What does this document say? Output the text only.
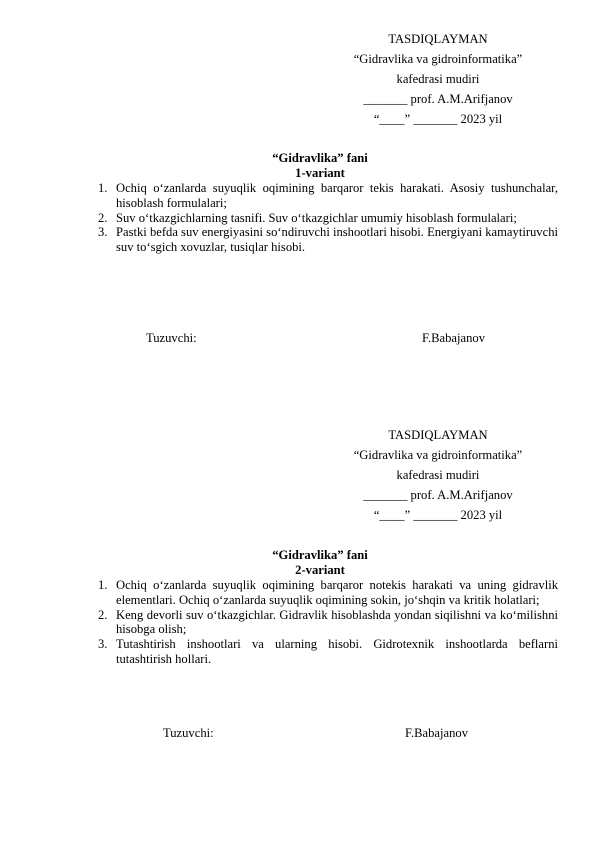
TASDIQLAYMAN
“Gidravlika va gidroinformatika”
kafedrasi mudiri
_______ prof. A.M.Arifjanov
“____” _______ 2023 yil
“Gidravlika” fani
1-variant
1. Ochiq o‘zanlarda suyuqlik oqimining barqaror tekis harakati. Asosiy tushunchalar, hisoblash formulalari;
2. Suv o‘tkazgichlarning tasnifi. Suv o‘tkazgichlar umumiy hisoblash formulalari;
3. Pastki befda suv energiyasini so‘ndiruvchi inshootlari hisobi. Energiyani kamaytiruvchi suv to‘sgich xovuzlar, tusiqlar hisobi.
Tuzuvchi:	F.Babajanov
TASDIQLAYMAN
“Gidravlika va gidroinformatika”
kafedrasi mudiri
_______ prof. A.M.Arifjanov
“____” _______ 2023 yil
“Gidravlika” fani
2-variant
1. Ochiq o‘zanlarda suyuqlik oqimining barqaror notekis harakati va uning gidravlik elementlari. Ochiq o‘zanlarda suyuqlik oqimining sokin, jo‘shqin va kritik holatlari;
2. Keng devorli suv o‘tkazgichlar. Gidravlik hisoblashda yondan siqilishni va ko‘milishni hisobga olish;
3. Tutashtirish inshootlari va ularning hisobi. Gidrotexnik inshootlarda beflarni tutashtirish hollari.
Tuzuvchi:	F.Babajanov
